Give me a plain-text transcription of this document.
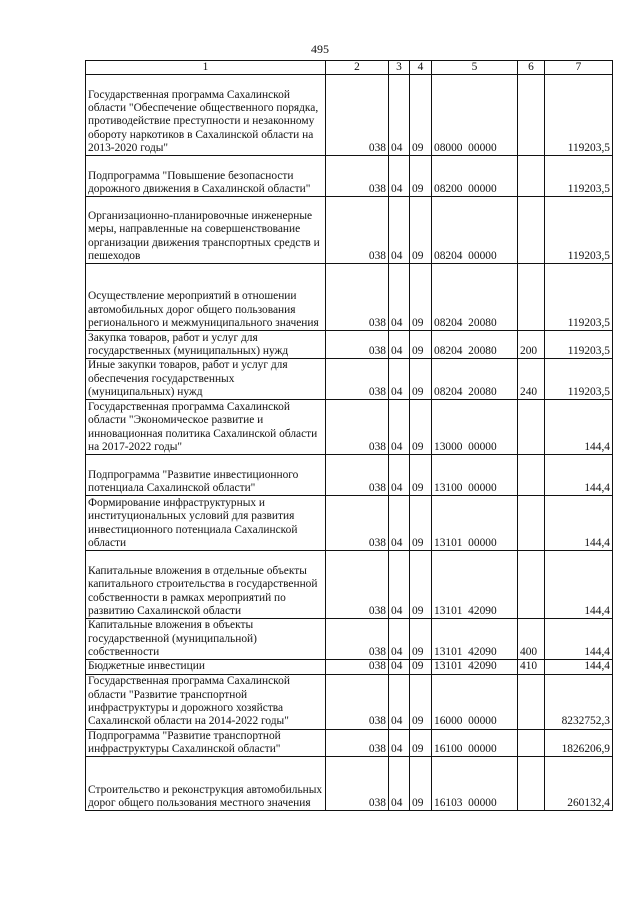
495
1	2	3	4	5	6	7
Государственная программа Сахалинской области "Обеспечение общественного порядка, противодействие преступности и незаконному обороту наркотиков в Сахалинской области на 2013-2020 годы"	038	04	09	08000  00000		119203,5
Подпрограмма "Повышение безопасности дорожного движения в Сахалинской области"	038	04	09	08200  00000		119203,5
Организационно-планировочные инженерные меры, направленные на совершенствование организации движения транспортных средств и пешеходов	038	04	09	08204  00000		119203,5
Осуществление мероприятий в отношении автомобильных дорог общего пользования регионального и межмуниципального значения	038	04	09	08204  20080		119203,5
Закупка товаров, работ и услуг для государственных (муниципальных) нужд	038	04	09	08204  20080	200	119203,5
Иные закупки товаров, работ и услуг для обеспечения государственных (муниципальных) нужд	038	04	09	08204  20080	240	119203,5
Государственная программа Сахалинской области "Экономическое развитие и инновационная политика Сахалинской области на 2017-2022 годы"	038	04	09	13000  00000		144,4
Подпрограмма "Развитие инвестиционного потенциала Сахалинской области"	038	04	09	13100  00000		144,4
Формирование инфраструктурных и институциональных условий для развития инвестиционного потенциала Сахалинской области	038	04	09	13101  00000		144,4
Капитальные вложения в отдельные объекты капитального строительства в государственной собственности в рамках мероприятий по развитию Сахалинской области	038	04	09	13101  42090		144,4
Капитальные вложения в объекты государственной (муниципальной) собственности	038	04	09	13101  42090	400	144,4
Бюджетные инвестиции	038	04	09	13101  42090	410	144,4
Государственная программа Сахалинской области "Развитие транспортной инфраструктуры и дорожного хозяйства Сахалинской области на 2014-2022 годы"	038	04	09	16000  00000		8232752,3
Подпрограмма "Развитие транспортной инфраструктуры Сахалинской области"	038	04	09	16100  00000		1826206,9
Строительство и реконструкция автомобильных дорог общего пользования местного значения	038	04	09	16103  00000		260132,4
